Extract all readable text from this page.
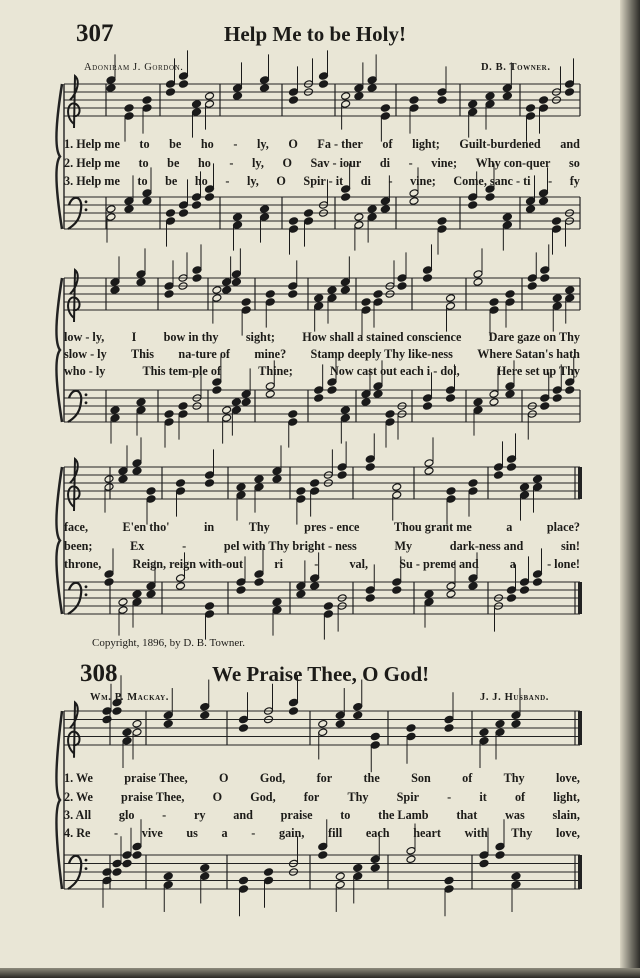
307	Help Me to be Holy!
Adoniram J. Gordon.	D. B. Towner.
1. Help me to be ho - ly, O Fa - ther of light; Guilt-burdened and
2. Help me to be ho - ly, O Sav - iour di - vine; Why con-quer so
3. Help me to be ho - ly, O Spir - it di - vine; Come, sanc - ti - fy
low - ly, I bow in thy sight; How shall a stained conscience Dare gaze on Thy
slow - ly This na-ture of mine? Stamp deeply Thy like-ness Where Satan's hath
who - ly	This tem-ple of	Thine;	Now cast out each i - dol,	Here set up Thy
face,	E'en tho'	in	Thy	pres - ence	Thou grant me	a	place?
been;	Ex	-	pel with Thy bright - ness	My	dark-ness and	sin!
throne,	Reign, reign with-out	ri	-	val,	Su - preme and	a	- lone!
Copyright, 1896, by D. B. Towner.
308	We Praise Thee, O God!
Wm. P. Mackay.	J. J. Husband.
1. We	praise Thee,	O	God,	for	the	Son	of	Thy	love,
2. We praise Thee, O God, for Thy Spir - it of light,
3. All glo - ry and praise to the Lamb that was slain,
4. Re - vive us a - gain, fill each heart with Thy love,
